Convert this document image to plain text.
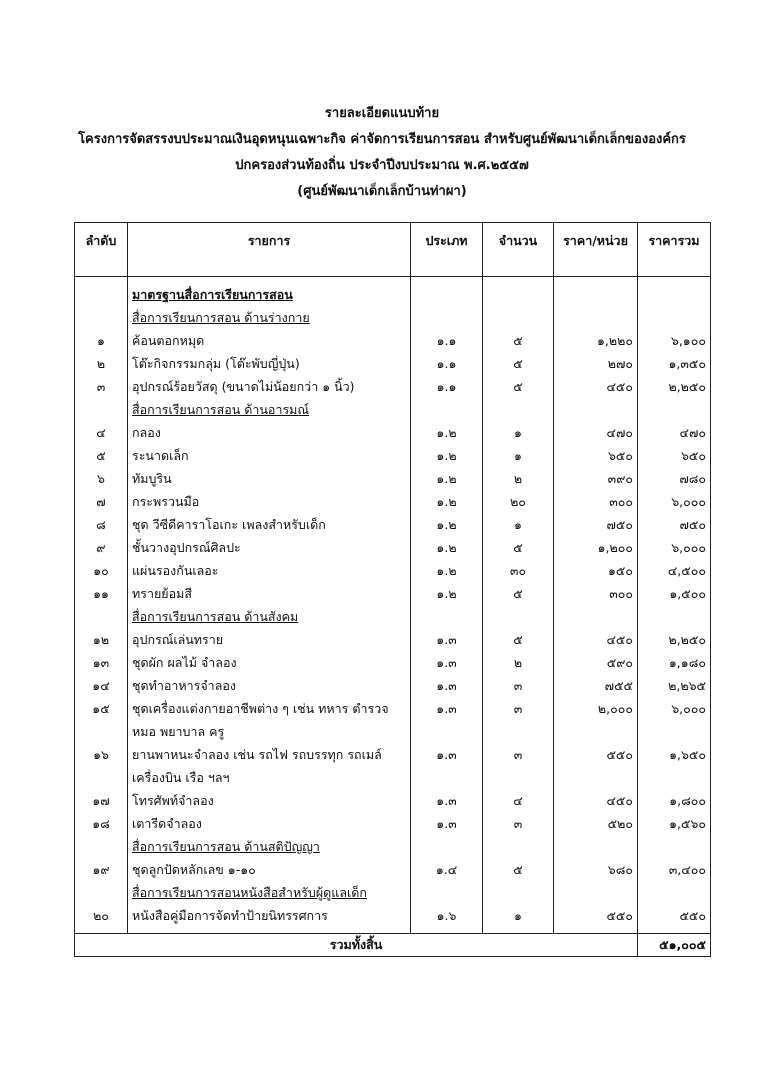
รายละเอียดแนบท้าย
โครงการจัดสรรงบประมาณเงินอุดหนุนเฉพาะกิจ ค่าจัดการเรียนการสอน สำหรับศูนย์พัฒนาเด็กเล็กขององค์กร
ปกครองส่วนท้องถิ่น ประจำปีงบประมาณ พ.ศ.๒๕๕๗
(ศูนย์พัฒนาเด็กเล็กบ้านท่าผา)
ลำดับ	รายการ	ประเภท	จำนวน	ราคา/หน่วย	ราคารวม
	มาตรฐานสื่อการเรียนการสอน				
	สื่อการเรียนการสอน ด้านร่างกาย				
๑	ค้อนตอกหมุด	๑.๑	๕	๑,๒๒๐	๖,๑๐๐
๒	โต๊ะกิจกรรมกลุ่ม (โต๊ะพับญี่ปุ่น)	๑.๑	๕	๒๗๐	๑,๓๕๐
๓	อุปกรณ์ร้อยวัสดุ (ขนาดไม่น้อยกว่า ๑ นิ้ว)	๑.๑	๕	๔๕๐	๒,๒๕๐
	สื่อการเรียนการสอน ด้านอารมณ์				
๔	กลอง	๑.๒	๑	๔๗๐	๔๗๐
๕	ระนาดเล็ก	๑.๒	๑	๖๕๐	๖๕๐
๖	ทัมบูริน	๑.๒	๒	๓๙๐	๗๘๐
๗	กระพรวนมือ	๑.๒	๒๐	๓๐๐	๖,๐๐๐
๘	ชุด วีซีดีคาราโอเกะ เพลงสำหรับเด็ก	๑.๒	๑	๗๕๐	๗๕๐
๙	ชั้นวางอุปกรณ์ศิลปะ	๑.๒	๕	๑,๒๐๐	๖,๐๐๐
๑๐	แผ่นรองกันเลอะ	๑.๒	๓๐	๑๕๐	๔,๕๐๐
๑๑	ทรายย้อมสี	๑.๒	๕	๓๐๐	๑,๕๐๐
	สื่อการเรียนการสอน ด้านสังคม				
๑๒	อุปกรณ์เล่นทราย	๑.๓	๕	๔๕๐	๒,๒๕๐
๑๓	ชุดผัก ผลไม้ จำลอง	๑.๓	๒	๕๙๐	๑,๑๘๐
๑๔	ชุดทำอาหารจำลอง	๑.๓	๓	๗๕๕	๒,๒๖๕
๑๕	ชุดเครื่องแต่งกายอาชีพต่าง ๆ เช่น ทหาร ตำรวจ	๑.๓	๓	๒,๐๐๐	๖,๐๐๐
	หมอ พยาบาล ครู				
๑๖	ยานพาหนะจำลอง เช่น รถไฟ รถบรรทุก รถเมล์	๑.๓	๓	๕๕๐	๑,๖๕๐
	เครื่องบิน เรือ ฯลฯ				
๑๗	โทรศัพท์จำลอง	๑.๓	๔	๔๕๐	๑,๘๐๐
๑๘	เตารีดจำลอง	๑.๓	๓	๕๒๐	๑,๕๖๐
	สื่อการเรียนการสอน ด้านสติปัญญา				
๑๙	ชุดลูกปัดหลักเลข ๑-๑๐	๑.๔	๕	๖๘๐	๓,๔๐๐
	สื่อการเรียนการสอนหนังสือสำหรับผู้ดูแลเด็ก				
๒๐	หนังสือคู่มือการจัดทำป้ายนิทรรศการ	๑.๖	๑	๕๕๐	๕๕๐

รวมทั้งสิ้น					๕๑,๐๐๕
